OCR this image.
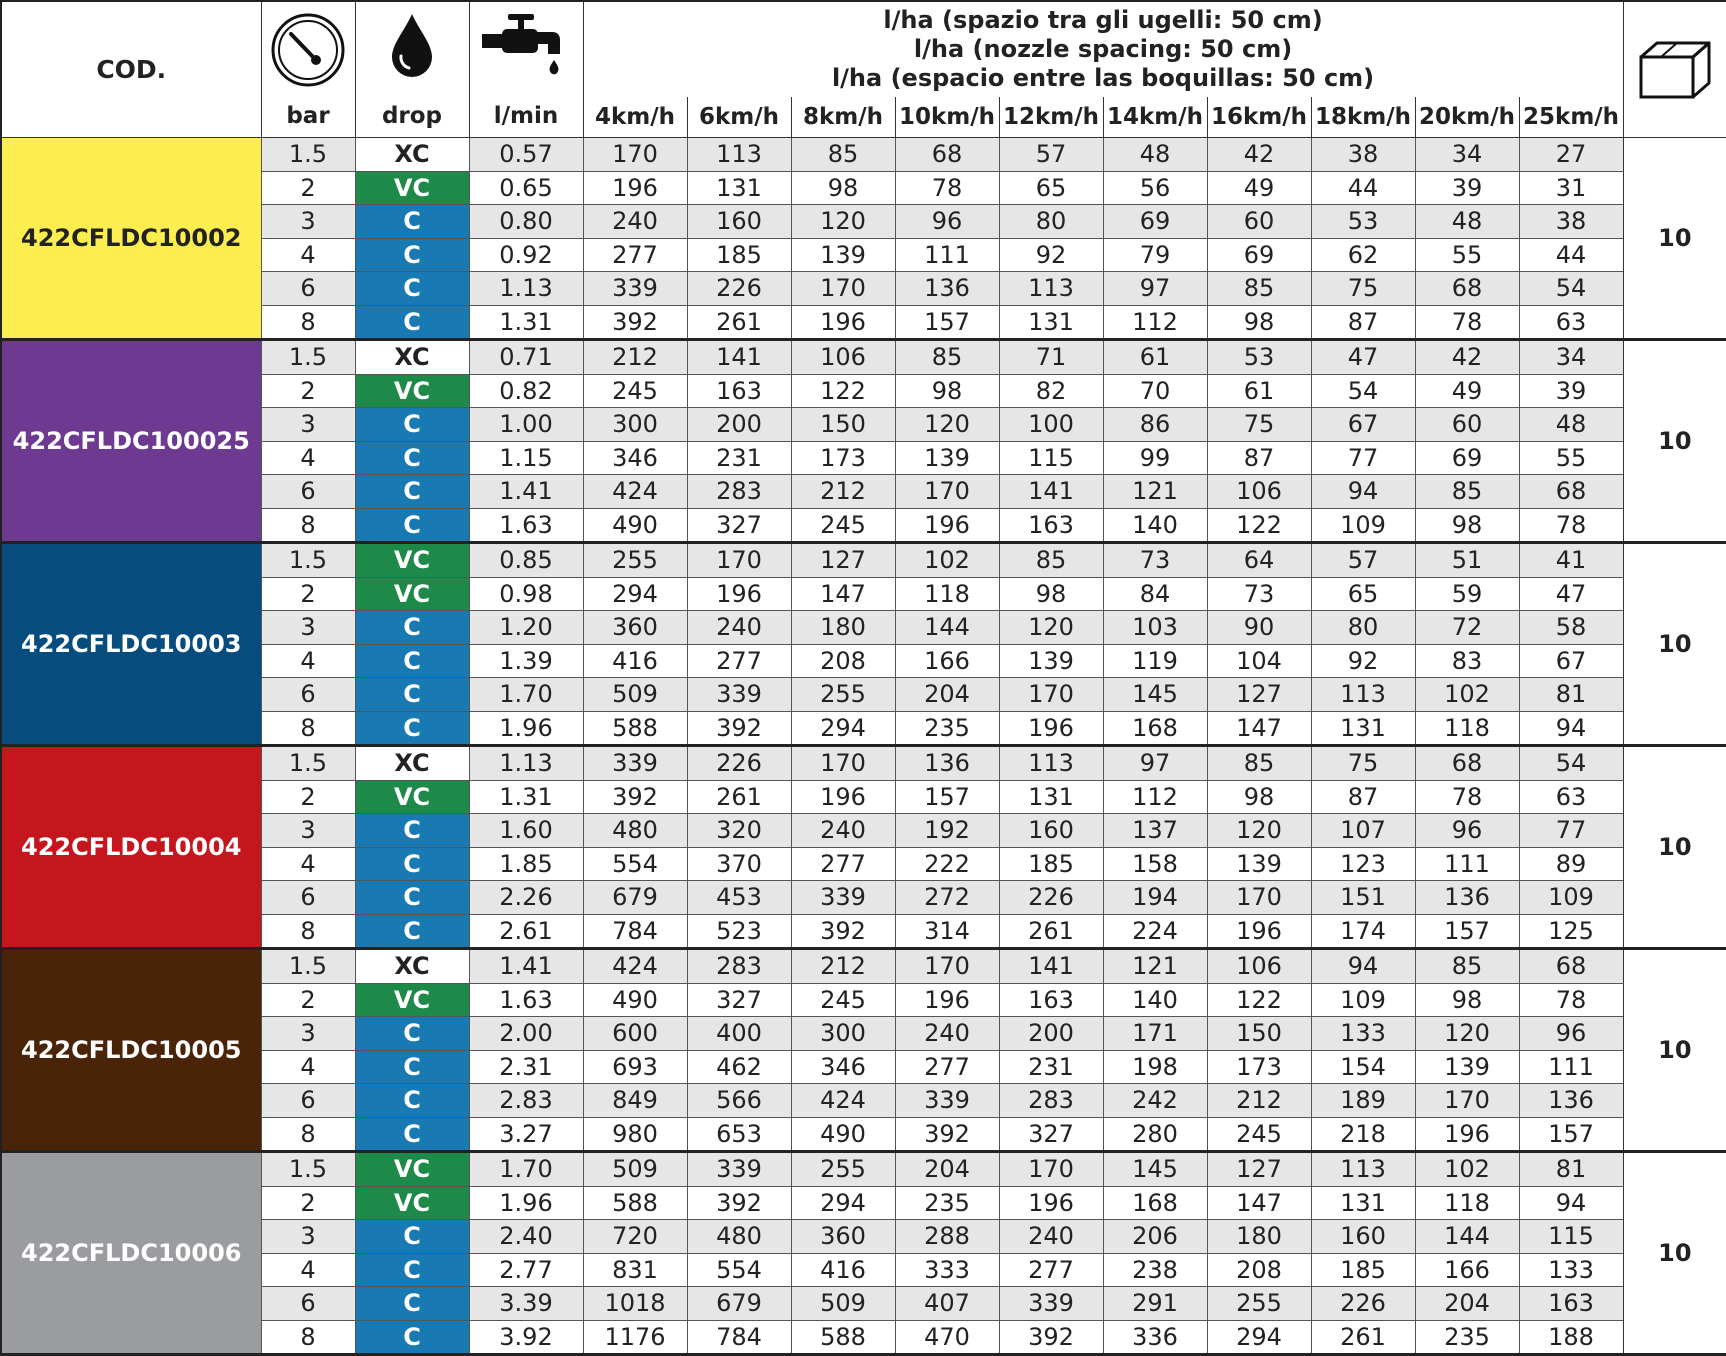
COD.	bar	drop	l/min	l/ha (spazio tra gli ugelli: 50 cm)
l/ha (nozzle spacing: 50 cm)
l/ha (espacio entre las boquillas: 50 cm)

				4km/h	6km/h	8km/h	10km/h	12km/h	14km/h	16km/h	18km/h	20km/h	25km/h	
422CFLDC10002	1.5	XC	0.57	170	113	85	68	57	48	42	38	34	27	10
	2	VC	0.65	196	131	98	78	65	56	49	44	39	31	
	3	C	0.80	240	160	120	96	80	69	60	53	48	38	
	4	C	0.92	277	185	139	111	92	79	69	62	55	44	
	6	C	1.13	339	226	170	136	113	97	85	75	68	54	
	8	C	1.31	392	261	196	157	131	112	98	87	78	63	
422CFLDC100025	1.5	XC	0.71	212	141	106	85	71	61	53	47	42	34	10
	2	VC	0.82	245	163	122	98	82	70	61	54	49	39	
	3	C	1.00	300	200	150	120	100	86	75	67	60	48	
	4	C	1.15	346	231	173	139	115	99	87	77	69	55	
	6	C	1.41	424	283	212	170	141	121	106	94	85	68	
	8	C	1.63	490	327	245	196	163	140	122	109	98	78	
422CFLDC10003	1.5	VC	0.85	255	170	127	102	85	73	64	57	51	41	10
	2	VC	0.98	294	196	147	118	98	84	73	65	59	47	
	3	C	1.20	360	240	180	144	120	103	90	80	72	58	
	4	C	1.39	416	277	208	166	139	119	104	92	83	67	
	6	C	1.70	509	339	255	204	170	145	127	113	102	81	
	8	C	1.96	588	392	294	235	196	168	147	131	118	94	
422CFLDC10004	1.5	XC	1.13	339	226	170	136	113	97	85	75	68	54	10
	2	VC	1.31	392	261	196	157	131	112	98	87	78	63	
	3	C	1.60	480	320	240	192	160	137	120	107	96	77	
	4	C	1.85	554	370	277	222	185	158	139	123	111	89	
	6	C	2.26	679	453	339	272	226	194	170	151	136	109	
	8	C	2.61	784	523	392	314	261	224	196	174	157	125	
422CFLDC10005	1.5	XC	1.41	424	283	212	170	141	121	106	94	85	68	10
	2	VC	1.63	490	327	245	196	163	140	122	109	98	78	
	3	C	2.00	600	400	300	240	200	171	150	133	120	96	
	4	C	2.31	693	462	346	277	231	198	173	154	139	111	
	6	C	2.83	849	566	424	339	283	242	212	189	170	136	
	8	C	3.27	980	653	490	392	327	280	245	218	196	157	
422CFLDC10006	1.5	VC	1.70	509	339	255	204	170	145	127	113	102	81	10
	2	VC	1.96	588	392	294	235	196	168	147	131	118	94	
	3	C	2.40	720	480	360	288	240	206	180	160	144	115	
	4	C	2.77	831	554	416	333	277	238	208	185	166	133	
	6	C	3.39	1018	679	509	407	339	291	255	226	204	163	
	8	C	3.92	1176	784	588	470	392	336	294	261	235	188	
